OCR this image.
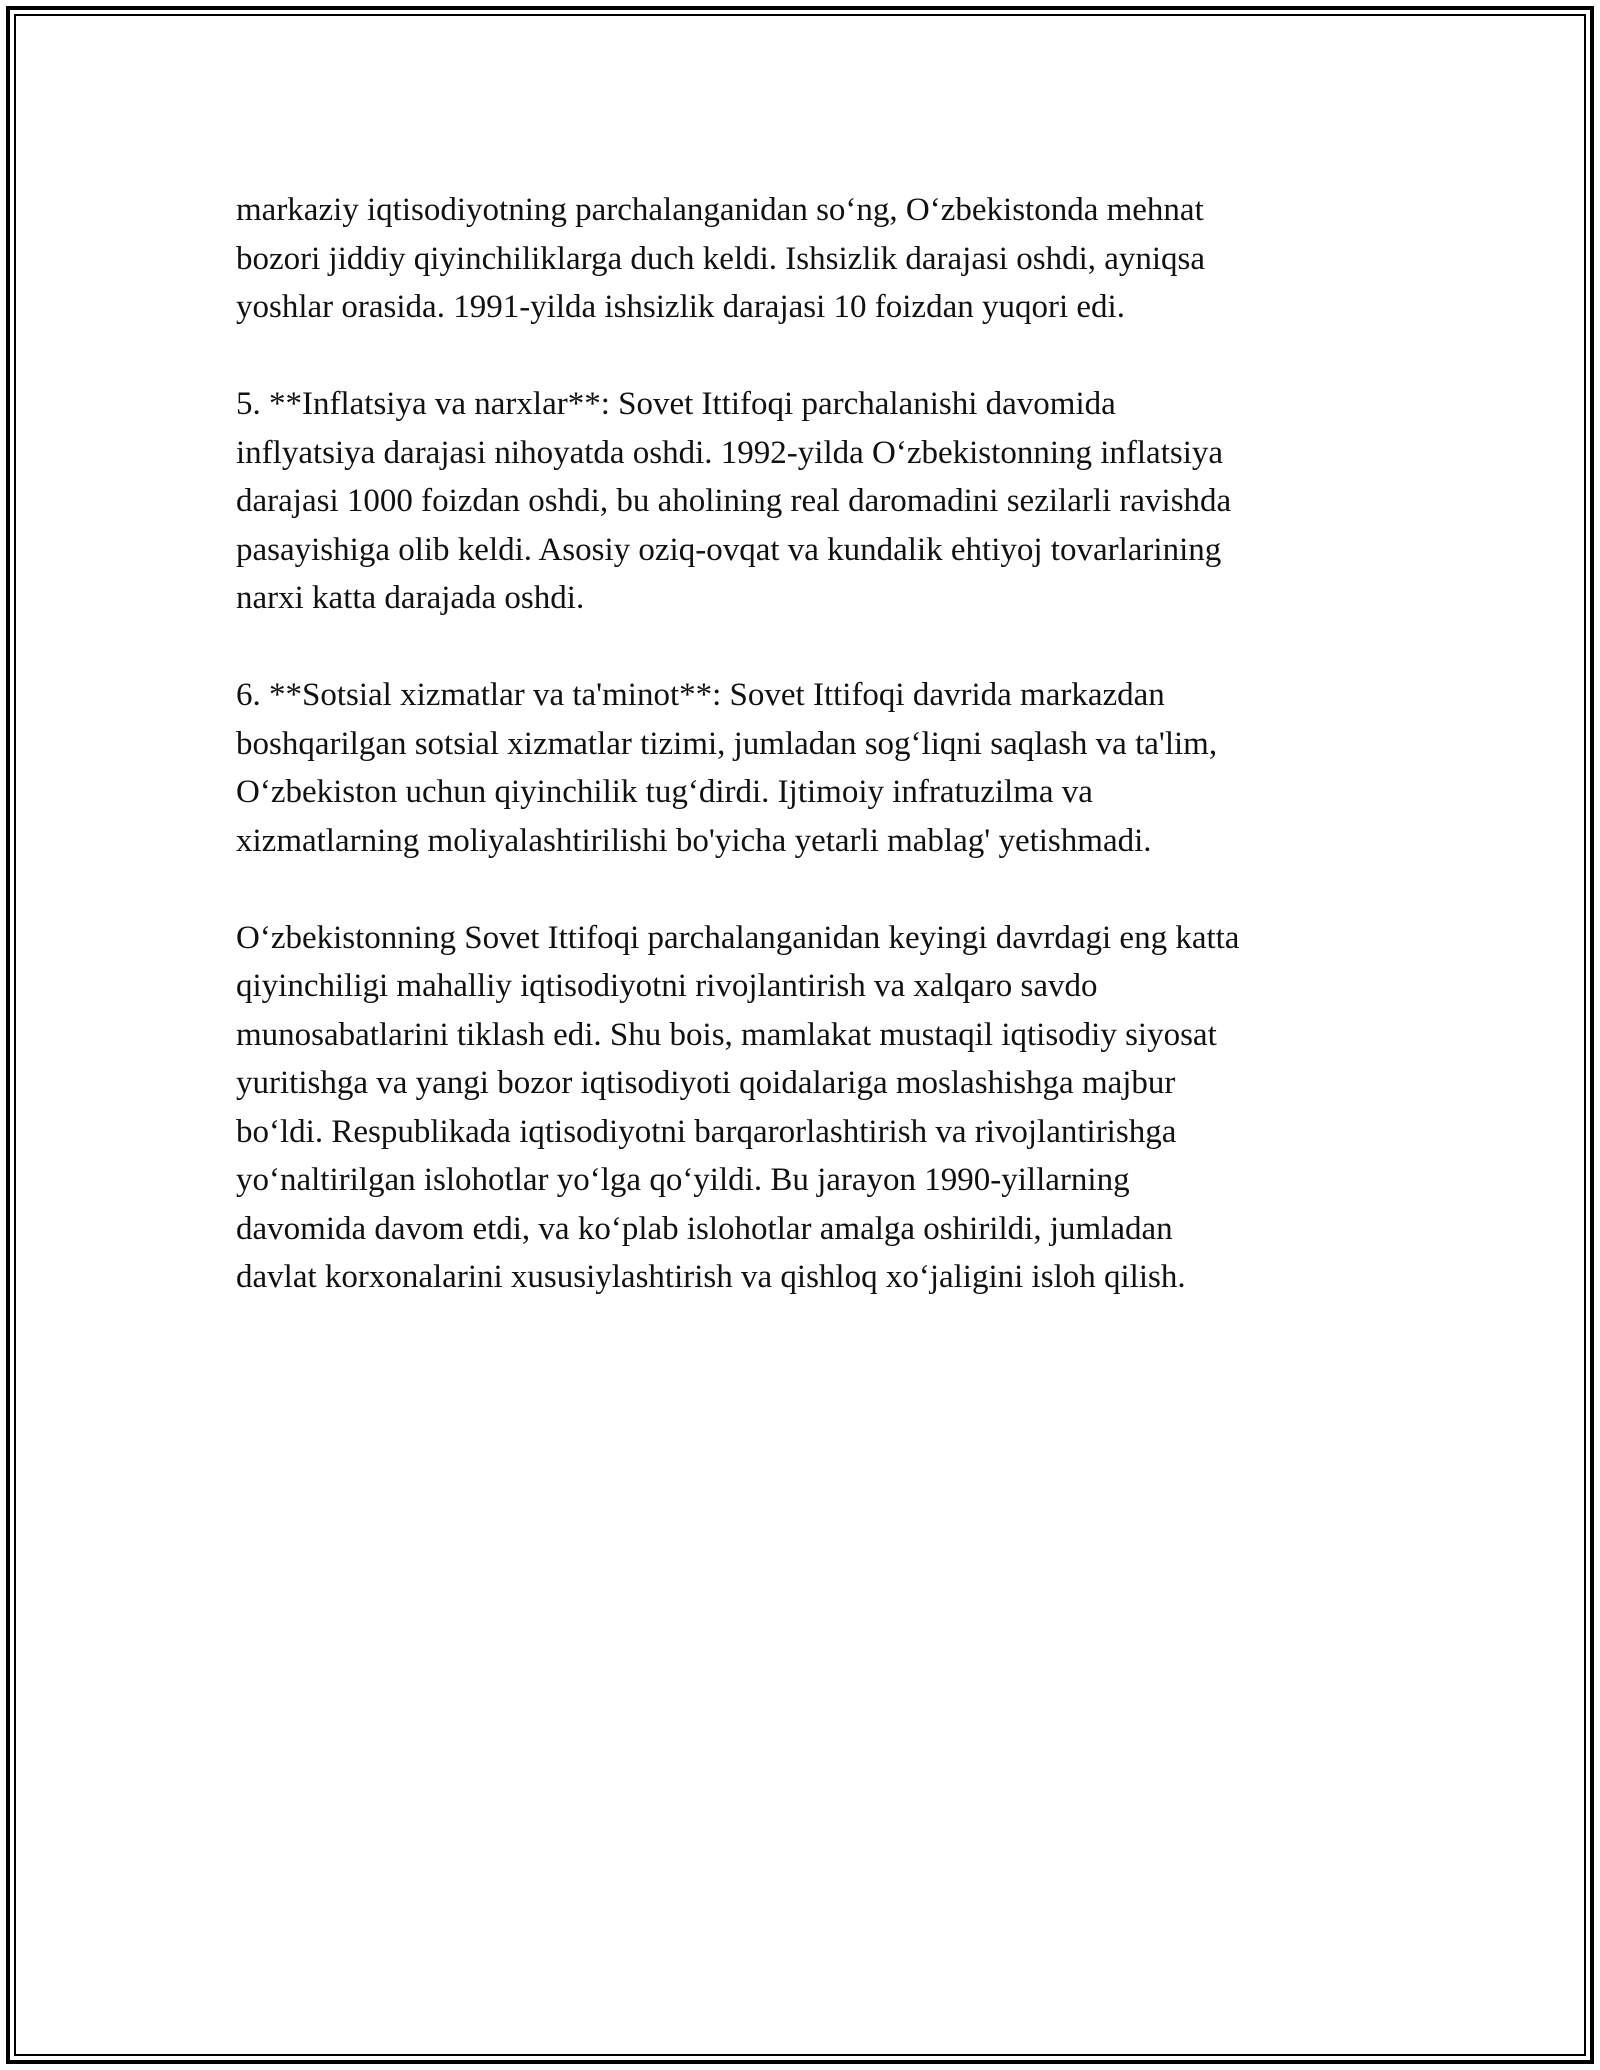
markaziy iqtisodiyotning parchalanganidan so‘ng, O‘zbekistonda mehnat
bozori jiddiy qiyinchiliklarga duch keldi. Ishsizlik darajasi oshdi, ayniqsa
yoshlar orasida. 1991-yilda ishsizlik darajasi 10 foizdan yuqori edi.

5. **Inflatsiya va narxlar**: Sovet Ittifoqi parchalanishi davomida
inflyatsiya darajasi nihoyatda oshdi. 1992-yilda O‘zbekistonning inflatsiya
darajasi 1000 foizdan oshdi, bu aholining real daromadini sezilarli ravishda
pasayishiga olib keldi. Asosiy oziq-ovqat va kundalik ehtiyoj tovarlarining
narxi katta darajada oshdi.

6. **Sotsial xizmatlar va ta'minot**: Sovet Ittifoqi davrida markazdan
boshqarilgan sotsial xizmatlar tizimi, jumladan sog‘liqni saqlash va ta'lim,
O‘zbekiston uchun qiyinchilik tug‘dirdi. Ijtimoiy infratuzilma va
xizmatlarning moliyalashtirilishi bo'yicha yetarli mablag' yetishmadi.

O‘zbekistonning Sovet Ittifoqi parchalanganidan keyingi davrdagi eng katta
qiyinchiligi mahalliy iqtisodiyotni rivojlantirish va xalqaro savdo
munosabatlarini tiklash edi. Shu bois, mamlakat mustaqil iqtisodiy siyosat
yuritishga va yangi bozor iqtisodiyoti qoidalariga moslashishga majbur
bo‘ldi. Respublikada iqtisodiyotni barqarorlashtirish va rivojlantirishga
yo‘naltirilgan islohotlar yo‘lga qo‘yildi. Bu jarayon 1990-yillarning
davomida davom etdi, va ko‘plab islohotlar amalga oshirildi, jumladan
davlat korxonalarini xususiylashtirish va qishloq xo‘jaligini isloh qilish.
